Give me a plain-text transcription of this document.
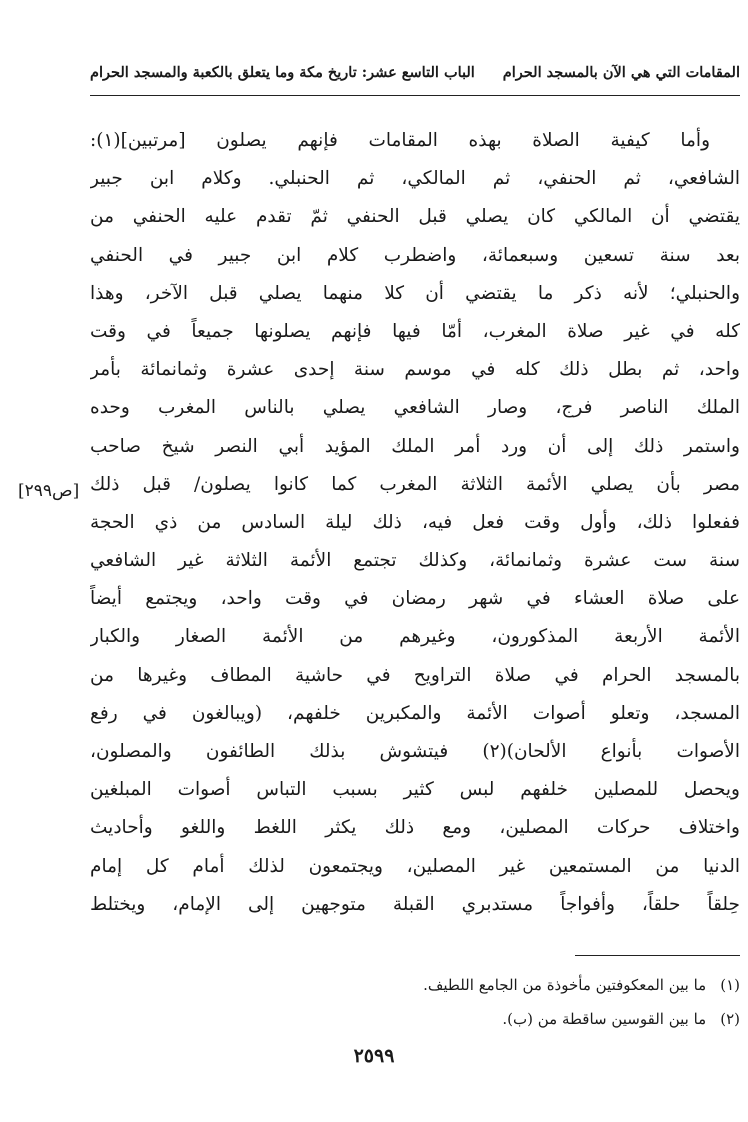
المقامات التي هي الآن بالمسجد الحرام
الباب التاسع عشر: تاريخ مكة وما يتعلق بالكعبة والمسجد الحرام
وأما كيفية الصلاة بهذه المقامات فإنهم يصلون [مرتبين](١):
الشافعي، ثم الحنفي، ثم المالكي، ثم الحنبلي. وكلام ابن جبير
يقتضي أن المالكي كان يصلي قبل الحنفي ثمّ تقدم عليه الحنفي من
بعد سنة تسعين وسبعمائة، واضطرب كلام ابن جبير في الحنفي
والحنبلي؛ لأنه ذكر ما يقتضي أن كلا منهما يصلي قبل الآخر، وهذا
كله في غير صلاة المغرب، أمّا فيها فإنهم يصلونها جميعاً في وقت
واحد، ثم بطل ذلك كله في موسم سنة إحدى عشرة وثمانمائة بأمر
الملك الناصر فرج، وصار الشافعي يصلي بالناس المغرب وحده
واستمر ذلك إلى أن ورد أمر الملك المؤيد أبي النصر شيخ صاحب
مصر بأن يصلي الأئمة الثلاثة المغرب كما كانوا يصلون/ قبل ذلك
ففعلوا ذلك، وأول وقت فعل فيه، ذلك ليلة السادس من ذي الحجة
سنة ست عشرة وثمانمائة، وكذلك تجتمع الأئمة الثلاثة غير الشافعي
على صلاة العشاء في شهر رمضان في وقت واحد، ويجتمع أيضاً
الأئمة الأربعة المذكورون، وغيرهم من الأئمة الصغار والكبار
بالمسجد الحرام في صلاة التراويح في حاشية المطاف وغيرها من
المسجد، وتعلو أصوات الأئمة والمكبرين خلفهم، (ويبالغون في رفع
الأصوات بأنواع الألحان)(٢) فيتشوش بذلك الطائفون والمصلون،
ويحصل للمصلين خلفهم لبس كثير بسبب التباس أصوات المبلغين
واختلاف حركات المصلين، ومع ذلك يكثر اللغط واللغو وأحاديث
الدنيا من المستمعين غير المصلين، ويجتمعون لذلك أمام كل إمام
حِلقاً حلقاً، وأفواجاً مستدبري القبلة متوجهين إلى الإمام، ويختلط
[ص٢٩٩]
(١)ما بين المعكوفتين مأخوذة من الجامع اللطيف.
(٢)ما بين القوسين ساقطة من (ب).
٢٥٩٩
